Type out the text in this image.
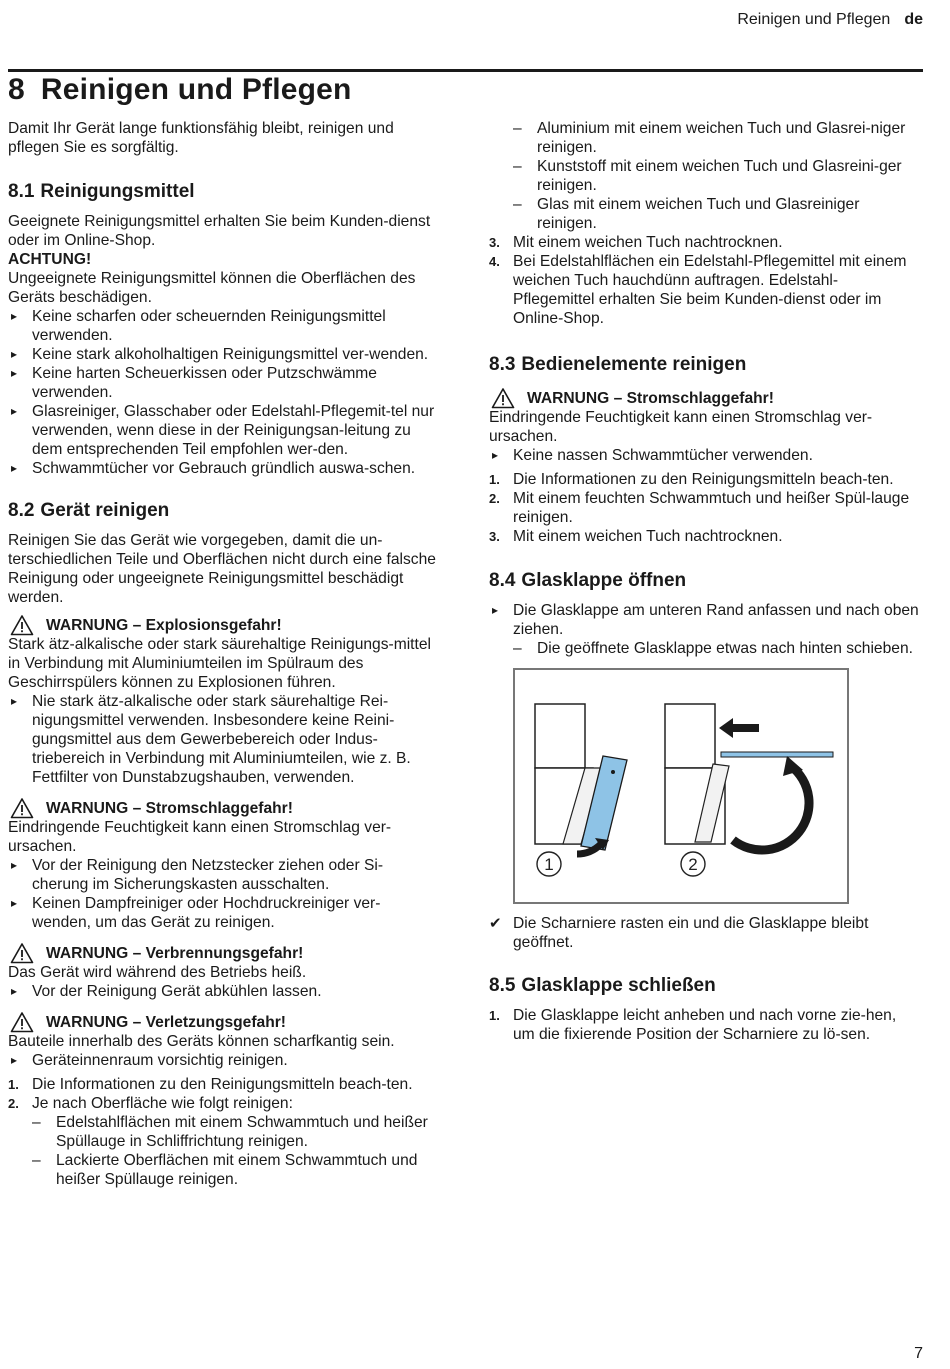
Reinigen und Pflegen de
8 Reinigen und Pflegen

Damit Ihr Gerät lange funktionsfähig bleibt, reinigen und pflegen Sie es sorgfältig.

8.1 Reinigungsmittel

Geeignete Reinigungsmittel erhalten Sie beim Kunden-dienst oder im Online-Shop.

ACHTUNG!

Ungeeignete Reinigungsmittel können die Oberflächen des Geräts beschädigen.

▸ Keine scharfen oder scheuernden Reinigungsmittel verwenden.
▸ Keine stark alkoholhaltigen Reinigungsmittel ver-wenden.
▸ Keine harten Scheuerkissen oder Putzschwämme verwenden.
▸ Glasreiniger, Glasschaber oder Edelstahl-Pflegemit-tel nur verwenden, wenn diese in der Reinigungsan-leitung zu dem entsprechenden Teil empfohlen wer-den.
▸ Schwammtücher vor Gebrauch gründlich auswa-schen.
8.2 Gerät reinigen

Reinigen Sie das Gerät wie vorgegeben, damit die un-terschiedlichen Teile und Oberflächen nicht durch eine falsche Reinigung oder ungeeignete Reinigungsmittel beschädigt werden.

WARNUNG – Explosionsgefahr!

Stark ätz-alkalische oder stark säurehaltige Reinigungs-mittel in Verbindung mit Aluminiumteilen im Spülraum des Geschirrspülers können zu Explosionen führen.

▸ Nie stark ätz-alkalische oder stark säurehaltige Rei-nigungsmittel verwenden. Insbesondere keine Reini-gungsmittel aus dem Gewerbebereich oder Indus-triebereich in Verbindung mit Aluminiumteilen, wie z. B. Fettfilter von Dunstabzugshauben, verwenden.

WARNUNG – Stromschlaggefahr!

Eindringende Feuchtigkeit kann einen Stromschlag ver-ursachen.

▸ Vor der Reinigung den Netzstecker ziehen oder Si-cherung im Sicherungskasten ausschalten.
▸ Keinen Dampfreiniger oder Hochdruckreiniger ver-wenden, um das Gerät zu reinigen.

WARNUNG – Verbrennungsgefahr!

Das Gerät wird während des Betriebs heiß.

▸ Vor der Reinigung Gerät abkühlen lassen.

WARNUNG – Verletzungsgefahr!

Bauteile innerhalb des Geräts können scharfkantig sein.

▸ Geräteinnenraum vorsichtig reinigen.
1. Die Informationen zu den Reinigungsmitteln beach-ten.
2. Je nach Oberfläche wie folgt reinigen:
– Edelstahlflächen mit einem Schwammtuch und heißer Spüllauge in Schliffrichtung reinigen.
– Lackierte Oberflächen mit einem Schwammtuch und heißer Spüllauge reinigen.
– Aluminium mit einem weichen Tuch und Glasrei-niger reinigen.
– Kunststoff mit einem weichen Tuch und Glasreini-ger reinigen.
– Glas mit einem weichen Tuch und Glasreiniger reinigen.
3. Mit einem weichen Tuch nachtrocknen.
4. Bei Edelstahlflächen ein Edelstahl-Pflegemittel mit einem weichen Tuch hauchdünn auftragen. Edelstahl-Pflegemittel erhalten Sie beim Kunden-dienst oder im Online-Shop.
8.3 Bedienelemente reinigen

WARNUNG – Stromschlaggefahr!

Eindringende Feuchtigkeit kann einen Stromschlag ver-ursachen.

▸ Keine nassen Schwammtücher verwenden.
1. Die Informationen zu den Reinigungsmitteln beach-ten.
2. Mit einem feuchten Schwammtuch und heißer Spül-lauge reinigen.
3. Mit einem weichen Tuch nachtrocknen.
8.4 Glasklappe öffnen
▸ Die Glasklappe am unteren Rand anfassen und nach oben ziehen.
– Die geöffnete Glasklappe etwas nach hinten schieben.
1	2
✔ Die Scharniere rasten ein und die Glasklappe bleibt geöffnet.
8.5 Glasklappe schließen
1. Die Glasklappe leicht anheben und nach vorne zie-hen, um die fixierende Position der Scharniere zu lö-sen.
7
